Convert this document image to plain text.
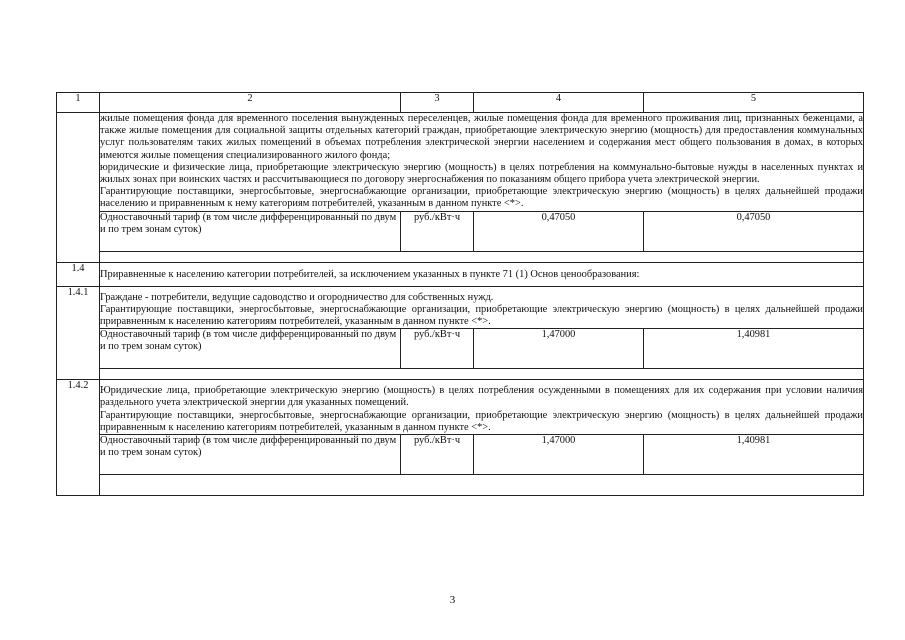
1	2	3	4	5

	жилые помещения фонда для временного поселения вынужденных переселенцев, жилые помещения фонда для временного проживания лиц, признанных беженцами, а также жилые помещения для социальной защиты отдельных категорий граждан, приобретающие электрическую энергию (мощность) для предоставления коммунальных услуг пользователям таких жилых помещений в объемах потребления электрической энергии населением и содержания мест общего пользования в домах, в которых имеются жилые помещения специализированного жилого фонда;

юридические и физические лица, приобретающие электрическую энергию (мощность) в целях потребления на коммунально-бытовые нужды в населенных пунктах и жилых зонах при воинских частях и рассчитывающиеся по договору энергоснабжения по показаниям общего прибора учета электрической энергии.

Гарантирующие поставщики, энергосбытовые, энергоснабжающие организации, приобретающие электрическую энергию (мощность) в целях дальнейшей продажи населению и приравненным к нему категориям потребителей, указанным в данном пункте <*>.			

	Одноставочный тариф (в том числе дифференцированный по двум и по трем зонам суток)	руб./кВт·ч	0,47050	0,47050

1.4	Приравненные к населению категории потребителей, за исключением указанных в пункте 71 (1) Основ ценообразования:			
1.4.1	Граждане - потребители, ведущие садоводство и огородничество для собственных нужд.

Гарантирующие поставщики, энергосбытовые, энергоснабжающие организации, приобретающие электрическую энергию (мощность) в целях дальнейшей продажи приравненным к населению категориям потребителей, указанным в данном пункте <*>.			

	Одноставочный тариф (в том числе дифференцированный по двум и по трем зонам суток)	руб./кВт·ч	1,47000	1,40981

1.4.2	Юридические лица, приобретающие электрическую энергию (мощность) в целях потребления осужденными в помещениях для их содержания при условии наличия раздельного учета электрической энергии для указанных помещений.

Гарантирующие поставщики, энергосбытовые, энергоснабжающие организации, приобретающие электрическую энергию (мощность) в целях дальнейшей продажи приравненным к населению категориям потребителей, указанным в данном пункте <*>.			

	Одноставочный тариф (в том числе дифференцированный по двум и по трем зонам суток)	руб./кВт·ч	1,47000	1,40981

3
